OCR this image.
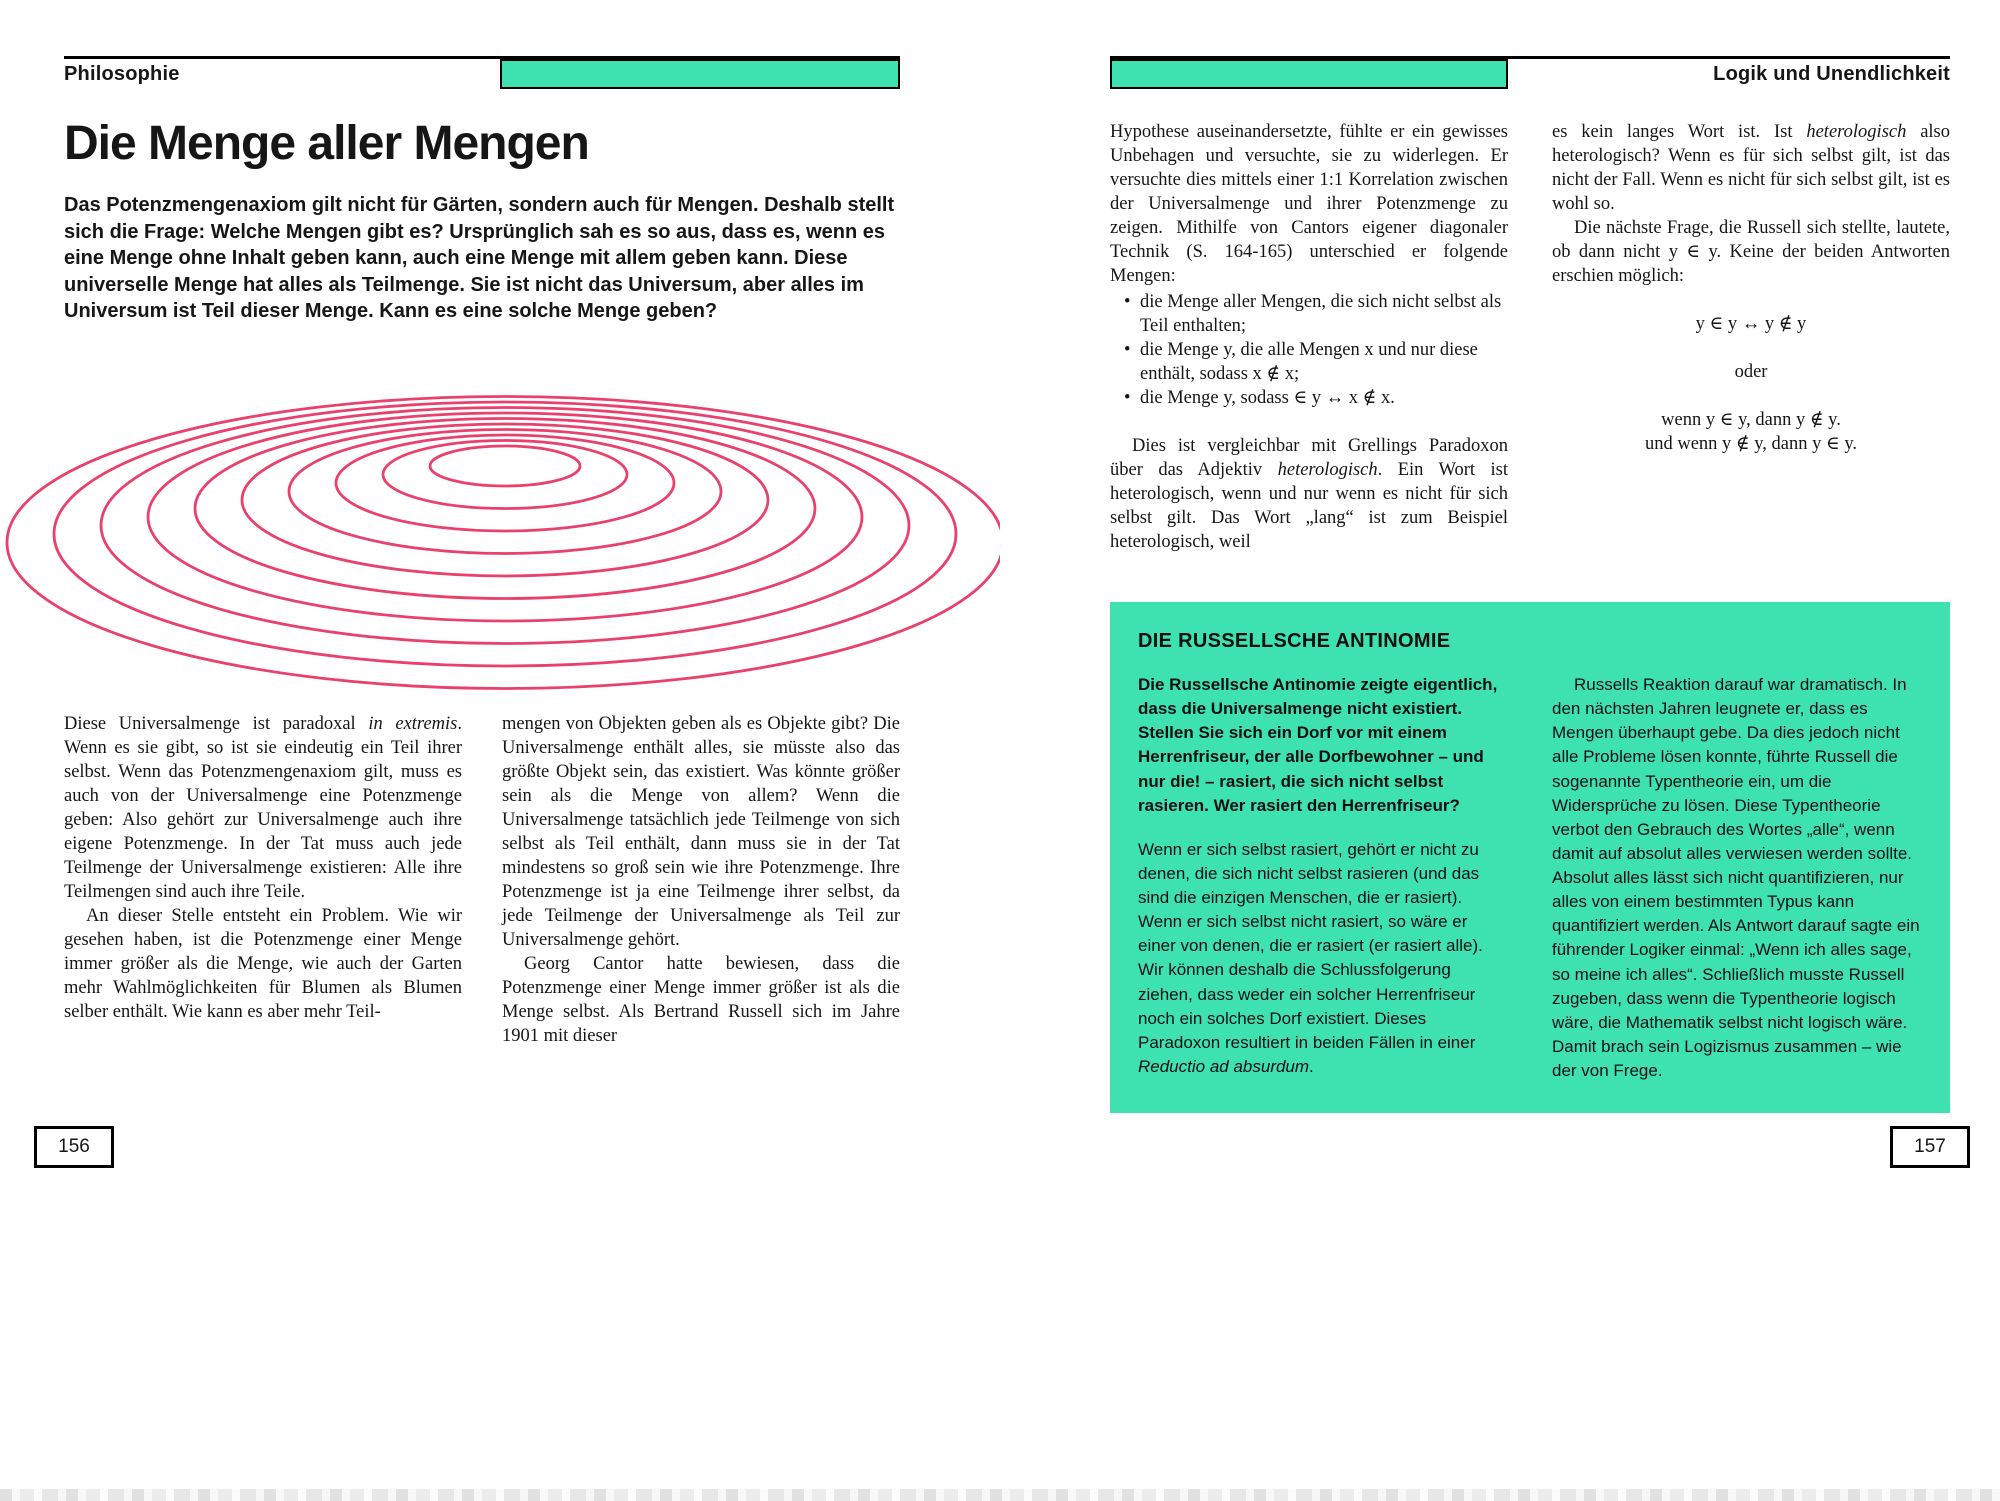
Philosophie
Die Menge aller Mengen

Das Potenzmengenaxiom gilt nicht für Gärten, sondern auch für Mengen. Deshalb stellt sich die Frage: Welche Mengen gibt es? Ursprünglich sah es so aus, dass es, wenn es eine Menge ohne Inhalt geben kann, auch eine Menge mit allem geben kann. Diese universelle Menge hat alles als Teilmenge. Sie ist nicht das Universum, aber alles im Universum ist Teil dieser Menge. Kann es eine solche Menge geben?

Diese Universalmenge ist paradoxal in extremis. Wenn es sie gibt, so ist sie eindeutig ein Teil ihrer selbst. Wenn das Potenzmengenaxiom gilt, muss es auch von der Universalmenge eine Potenzmenge geben: Also gehört zur Universalmenge auch ihre eigene Potenzmenge. In der Tat muss auch jede Teilmenge der Universalmenge existieren: Alle ihre Teilmengen sind auch ihre Teile.

An dieser Stelle entsteht ein Problem. Wie wir gesehen haben, ist die Potenzmenge einer Menge immer größer als die Menge, wie auch der Garten mehr Wahlmöglichkeiten für Blumen als Blumen selber enthält. Wie kann es aber mehr Teil-

mengen von Objekten geben als es Objekte gibt? Die Universalmenge enthält alles, sie müsste also das größte Objekt sein, das existiert. Was könnte größer sein als die Menge von allem? Wenn die Universalmenge tatsächlich jede Teilmenge von sich selbst als Teil enthält, dann muss sie in der Tat mindestens so groß sein wie ihre Potenzmenge. Ihre Potenzmenge ist ja eine Teilmenge ihrer selbst, da jede Teilmenge der Universalmenge als Teil zur Universalmenge gehört.

Georg Cantor hatte bewiesen, dass die Potenzmenge einer Menge immer größer ist als die Menge selbst. Als Bertrand Russell sich im Jahre 1901 mit dieser

156
Logik und Unendlichkeit

Hypothese auseinandersetzte, fühlte er ein gewisses Unbehagen und versuchte, sie zu widerlegen. Er versuchte dies mittels einer 1:1 Korrelation zwischen der Universalmenge und ihrer Potenzmenge zu zeigen. Mithilfe von Cantors eigener diagonaler Technik (S. 164-165) unterschied er folgende Mengen:

• die Menge aller Mengen, die sich nicht selbst als Teil enthalten;
• die Menge y, die alle Mengen x und nur diese enthält, sodass x ∉ x;
• die Menge y, sodass ∈ y ↔ x ∉ x.

Dies ist vergleichbar mit Grellings Paradoxon über das Adjektiv heterologisch. Ein Wort ist heterologisch, wenn und nur wenn es nicht für sich selbst gilt. Das Wort „lang“ ist zum Beispiel heterologisch, weil

es kein langes Wort ist. Ist heterologisch also heterologisch? Wenn es für sich selbst gilt, ist das nicht der Fall. Wenn es nicht für sich selbst gilt, ist es wohl so.

Die nächste Frage, die Russell sich stellte, lautete, ob dann nicht y ∈ y. Keine der beiden Antworten erschien möglich:

y ∈ y ↔ y ∉ y

oder

wenn y ∈ y, dann y ∉ y.

und wenn y ∉ y, dann y ∈ y.

DIE RUSSELLSCHE ANTINOMIE

Die Russellsche Antinomie zeigte eigentlich, dass die Universalmenge nicht existiert. Stellen Sie sich ein Dorf vor mit einem Herrenfriseur, der alle Dorfbewohner – und nur die! – rasiert, die sich nicht selbst rasieren. Wer rasiert den Herrenfriseur?

Wenn er sich selbst rasiert, gehört er nicht zu denen, die sich nicht selbst rasieren (und das sind die einzigen Menschen, die er rasiert). Wenn er sich selbst nicht rasiert, so wäre er einer von denen, die er rasiert (er rasiert alle). Wir können deshalb die Schlussfolgerung ziehen, dass weder ein solcher Herrenfriseur noch ein solches Dorf existiert. Dieses Paradoxon resultiert in beiden Fällen in einer Reductio ad absurdum.

Russells Reaktion darauf war dramatisch. In den nächsten Jahren leugnete er, dass es Mengen überhaupt gebe. Da dies jedoch nicht alle Probleme lösen konnte, führte Russell die sogenannte Typentheorie ein, um die Widersprüche zu lösen. Diese Typentheorie verbot den Gebrauch des Wortes „alle“, wenn damit auf absolut alles verwiesen werden sollte. Absolut alles lässt sich nicht quantifizieren, nur alles von einem bestimmten Typus kann quantifiziert werden. Als Antwort darauf sagte ein führender Logiker einmal: „Wenn ich alles sage, so meine ich alles“. Schließlich musste Russell zugeben, dass wenn die Typentheorie logisch wäre, die Mathematik selbst nicht logisch wäre. Damit brach sein Logizismus zusammen – wie der von Frege.

157
